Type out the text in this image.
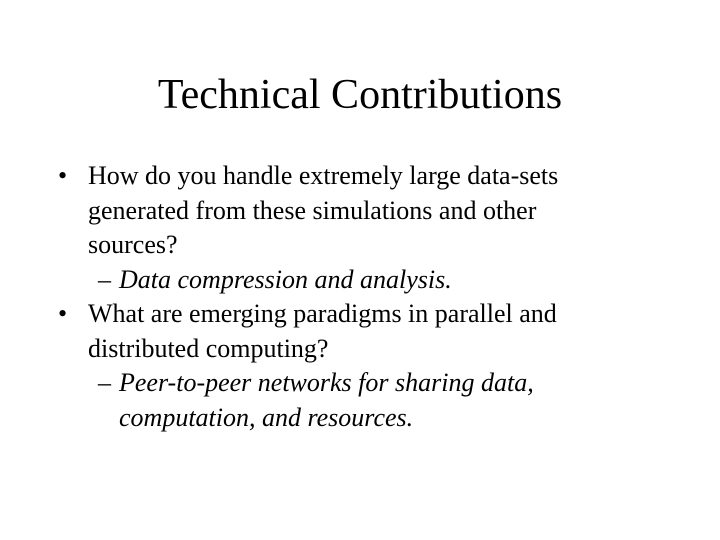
Technical Contributions
• How do you handle extremely large data-sets generated from these simulations and other sources?
– Data compression and analysis.
• What are emerging paradigms in parallel and distributed computing?
– Peer-to-peer networks for sharing data, computation, and resources.
